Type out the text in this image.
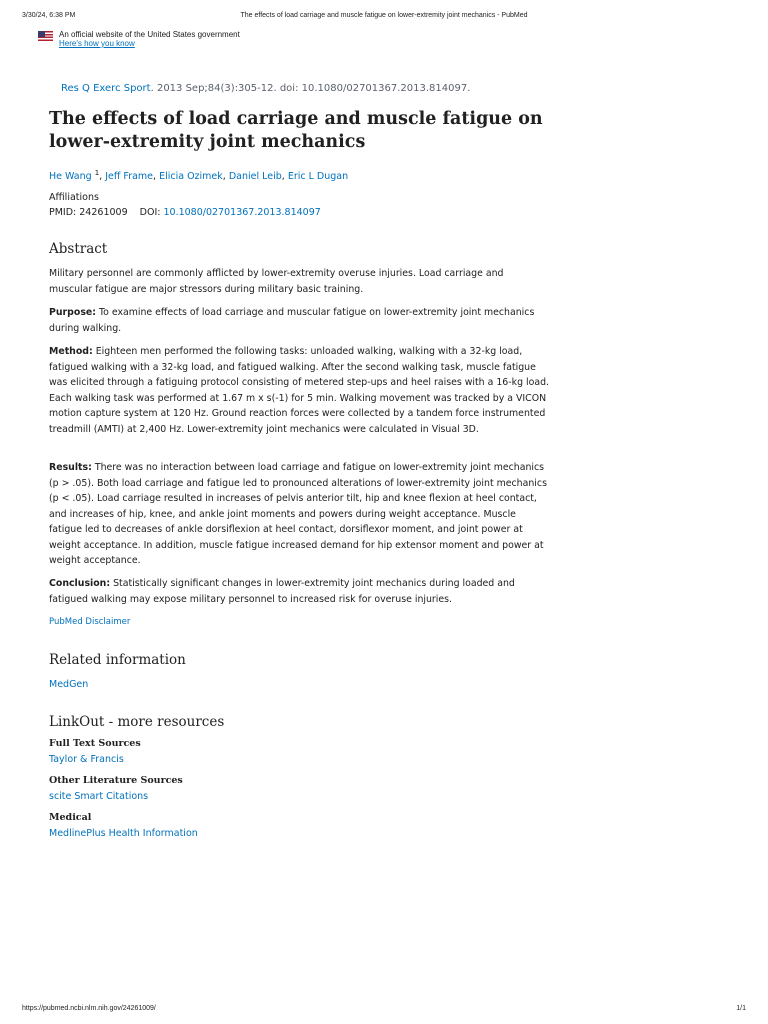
3/30/24, 6:38 PM	The effects of load carriage and muscle fatigue on lower-extremity joint mechanics - PubMed
An official website of the United States government
Here's how you know
Res Q Exerc Sport. 2013 Sep;84(3):305-12. doi: 10.1080/02701367.2013.814097.
The effects of load carriage and muscle fatigue on lower-extremity joint mechanics
He Wang $^1$, Jeff Frame, Elicia Ozimek, Daniel Leib, Eric L Dugan
Affiliations
PMID: 24261009 DOI: 10.1080/02701367.2013.814097
Abstract

Military personnel are commonly afflicted by lower-extremity overuse injuries. Load carriage and muscular fatigue are major stressors during military basic training.

Purpose: To examine effects of load carriage and muscular fatigue on lower-extremity joint mechanics during walking.

Method: Eighteen men performed the following tasks: unloaded walking, walking with a 32-kg load, fatigued walking with a 32-kg load, and fatigued walking. After the second walking task, muscle fatigue was elicited through a fatiguing protocol consisting of metered step-ups and heel raises with a 16-kg load. Each walking task was performed at 1.67 m x s(-1) for 5 min. Walking movement was tracked by a VICON motion capture system at 120 Hz. Ground reaction forces were collected by a tandem force instrumented treadmill (AMTI) at 2,400 Hz. Lower-extremity joint mechanics were calculated in Visual 3D.

Results: There was no interaction between load carriage and fatigue on lower-extremity joint mechanics (p > .05). Both load carriage and fatigue led to pronounced alterations of lower-extremity joint mechanics (p < .05). Load carriage resulted in increases of pelvis anterior tilt, hip and knee flexion at heel contact, and increases of hip, knee, and ankle joint moments and powers during weight acceptance. Muscle fatigue led to decreases of ankle dorsiflexion at heel contact, dorsiflexor moment, and joint power at weight acceptance. In addition, muscle fatigue increased demand for hip extensor moment and power at weight acceptance.

Conclusion: Statistically significant changes in lower-extremity joint mechanics during loaded and fatigued walking may expose military personnel to increased risk for overuse injuries.

PubMed Disclaimer
Related information
MedGen
LinkOut - more resources
Full Text Sources
Taylor & Francis
Other Literature Sources
scite Smart Citations
Medical
MedlinePlus Health Information
https://pubmed.ncbi.nlm.nih.gov/24261009/	1/1
